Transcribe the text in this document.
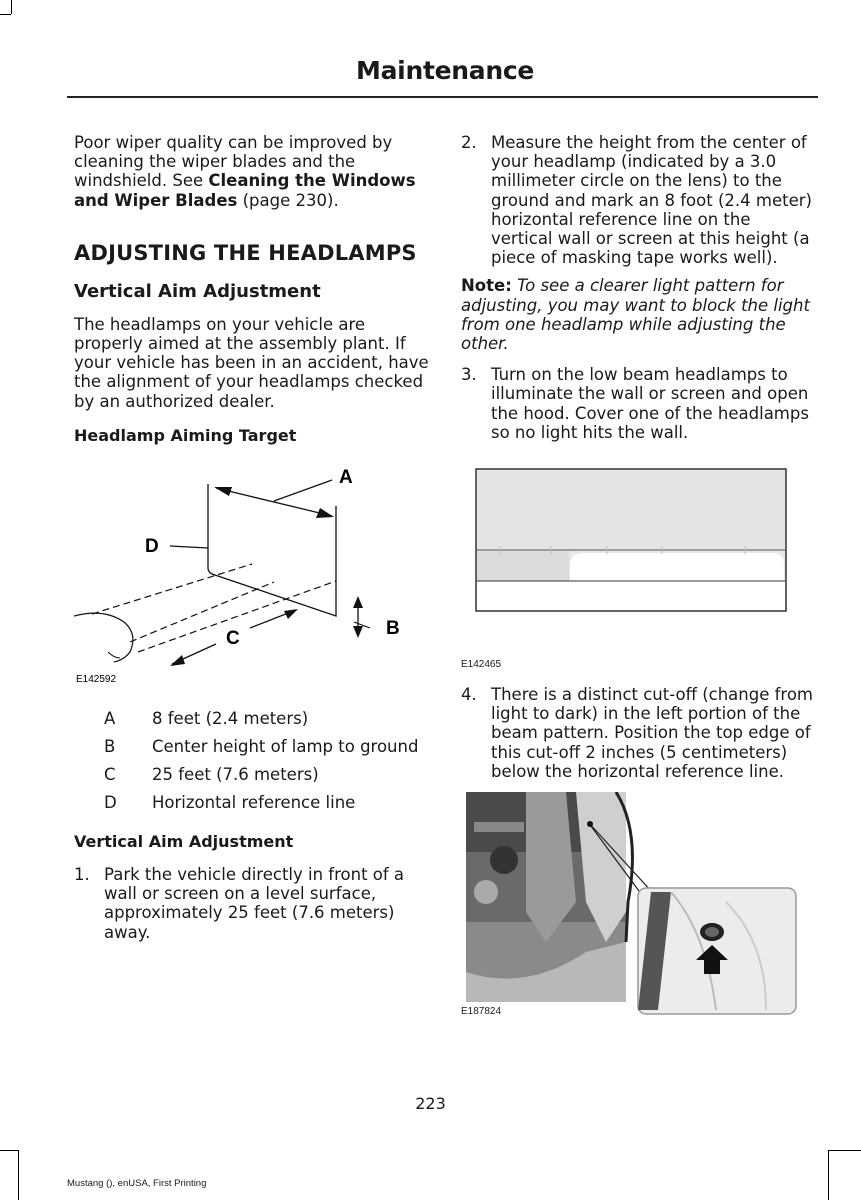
Maintenance

Poor wiper quality can be improved by cleaning the wiper blades and the windshield. See Cleaning the Windows and Wiper Blades (page 230).

ADJUSTING THE HEADLAMPS
Vertical Aim Adjustment

The headlamps on your vehicle are properly aimed at the assembly plant. If your vehicle has been in an accident, have the alignment of your headlamps checked by an authorized dealer.

Headlamp Aiming Target
A
D
B
C
E142592
A	8 feet (2.4 meters)
B	Center height of lamp to ground
C	25 feet (7.6 meters)
D	Horizontal reference line
Vertical Aim Adjustment
1. Park the vehicle directly in front of a wall or screen on a level surface, approximately 25 feet (7.6 meters) away.
2. Measure the height from the center of your headlamp (indicated by a 3.0 millimeter circle on the lens) to the ground and mark an 8 foot (2.4 meter) horizontal reference line on the vertical wall or screen at this height (a piece of masking tape works well).

Note: To see a clearer light pattern for adjusting, you may want to block the light from one headlamp while adjusting the other.

3. Turn on the low beam headlamps to illuminate the wall or screen and open the hood. Cover one of the headlamps so no light hits the wall.
E142465
4. There is a distinct cut-off (change from light to dark) in the left portion of the beam pattern. Position the top edge of this cut-off 2 inches (5 centimeters) below the horizontal reference line.
E187824
223
Mustang (), enUSA, First Printing
